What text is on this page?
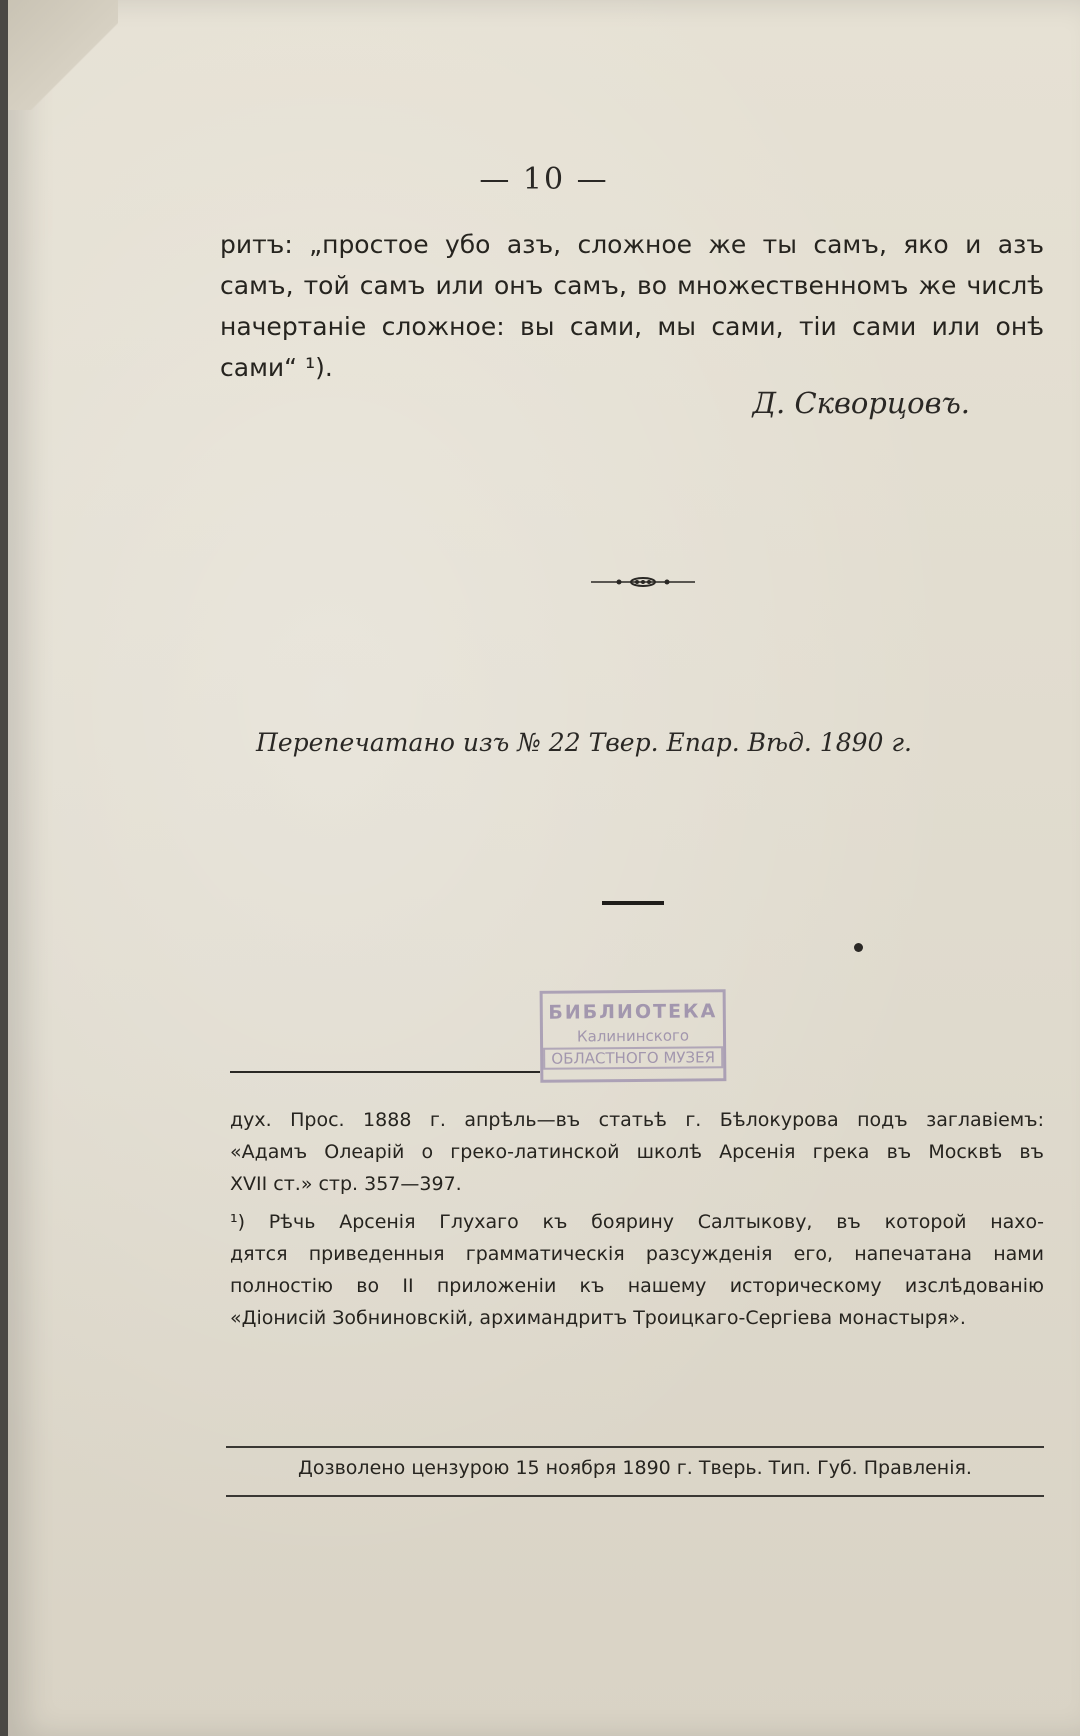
— 10 —
ритъ: „простое убо азъ, сложное же ты самъ, яко и азъ
самъ, той самъ или онъ самъ, во множественномъ же числѣ
начертаніе сложное: вы сами, мы сами, тіи сами или онѣ
сами“ ¹).
Д. Скворцовъ.
Перепечатано изъ № 22 Твер. Епар. Вѣд. 1890 г.
БИБЛИОТЕКА
Калининского
ОБЛАСТНОГО МУЗЕЯ
дух. Прос. 1888 г. апрѣль—въ статьѣ г. Бѣлокурова подъ заглавіемъ:
«Адамъ Олеарій о греко-латинской школѣ Арсенія грека въ Москвѣ въ
XVII ст.» стр. 357—397.
¹) Рѣчь Арсенія Глухаго къ боярину Салтыкову, въ которой нахо-
дятся приведенныя грамматическія разсужденія его, напечатана нами
полностію во II приложеніи къ нашему историческому изслѣдованію
«Діонисій Зобниновскій, архимандритъ Троицкаго-Сергіева монастыря».
Дозволено цензурою 15 ноября 1890 г. Тверь. Тип. Губ. Правленія.
